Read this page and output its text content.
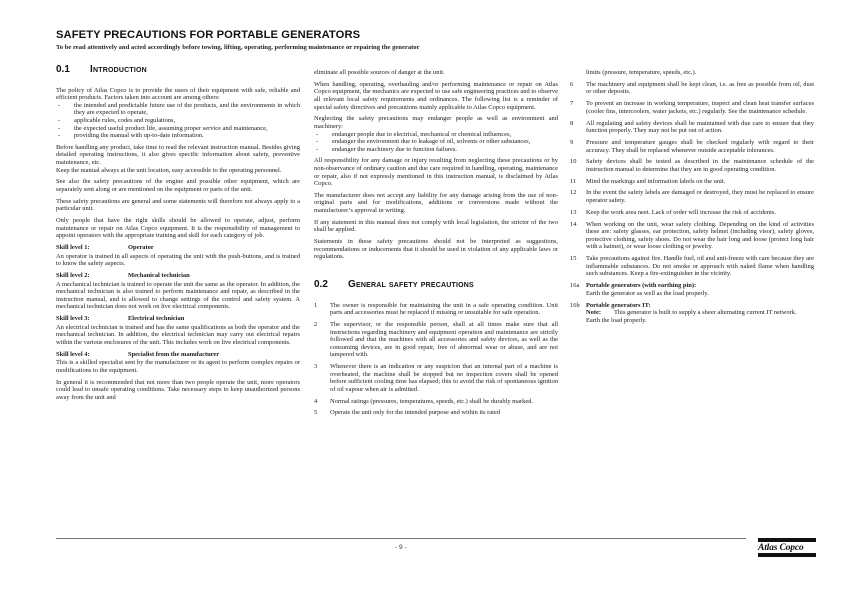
SAFETY PRECAUTIONS FOR PORTABLE GENERATORS
To be read attentively and acted accordingly before towing, lifting, operating, performing maintenance or repairing the generator
0.1	Introduction

The policy of Atlas Copco is to provide the users of their equipment with safe, reliable and efficient products. Factors taken into account are among others:

- the intended and predictable future use of the products, and the environments in which they are expected to operate,
- applicable rules, codes and regulations,
- the expected useful product life, assuming proper service and maintenance,
- providing the manual with up-to-date information.

Before handling any product, take time to read the relevant instruction manual. Besides giving detailed operating instructions, it also gives specific information about safety, preventive maintenance, etc.

Keep the manual always at the unit location, easy accessible to the operating personnel.

See also the safety precautions of the engine and possible other equipment, which are separately sent along or are mentioned on the equipment or parts of the unit.

These safety precautions are general and some statements will therefore not always apply to a particular unit.

Only people that have the right skills should be allowed to operate, adjust, perform maintenance or repair on Atlas Copco equipment. It is the responsibility of management to appoint operators with the appropriate training and skill for each category of job.

Skill level 1:	Operator

An operator is trained in all aspects of operating the unit with the push-buttons, and is trained to know the safety aspects.

Skill level 2:	Mechanical technician

A mechanical technician is trained to operate the unit the same as the operator. In addition, the mechanical technician is also trained to perform maintenance and repair, as described in the instruction manual, and is allowed to change settings of the control and safety system. A mechanical technician does not work on live electrical components.

Skill level 3:	Electrical technician

An electrical technician is trained and has the same qualifications as both the operator and the mechanical technician. In addition, the electrical technician may carry out electrical repairs within the various enclosures of the unit. This includes work on live electrical components.

Skill level 4:	Specialist from the manufacturer

This is a skilled specialist sent by the manufacturer or its agent to perform complex repairs or modifications to the equipment.

In general it is recommended that not more than two people operate the unit, more operators could lead to unsafe operating conditions. Take necessary steps to keep unauthorized persons away from the unit and

eliminate all possible sources of danger at the unit.

When handling, operating, overhauling and/or performing maintenance or repair on Atlas Copco equipment, the mechanics are expected to use safe engineering practices and to observe all relevant local safety requirements and ordinances. The following list is a reminder of special safety directives and precautions mainly applicable to Atlas Copco equipment.

Neglecting the safety precautions may endanger people as well as environment and machinery:

- endanger people due to electrical, mechanical or chemical influences,
- endanger the environment due to leakage of oil, solvents or other substances,
- endanger the machinery due to function failures.

All responsibility for any damage or injury resulting from neglecting these precautions or by non-observance of ordinary caution and due care required in handling, operating, maintenance or repair, also if not expressly mentioned in this instruction manual, is disclaimed by Atlas Copco.

The manufacturer does not accept any liability for any damage arising from the use of non-original parts and for modifications, additions or conversions made without the manufacturer’s approval in writing.

If any statement in this manual does not comply with local legislation, the stricter of the two shall be applied.

Statements in these safety precautions should not be interpreted as suggestions, recommendations or inducements that it should be used in violation of any applicable laws or regulations.

0.2	General safety precautions
1	The owner is responsible for maintaining the unit in a safe operating condition. Unit parts and accessories must be replaced if missing or unsuitable for safe operation.
2	The supervisor, or the responsible person, shall at all times make sure that all instructions regarding machinery and equipment operation and maintenance are strictly followed and that the machines with all accessories and safety devices, as well as the consuming devices, are in good repair, free of abnormal wear or abuse, and are not tampered with.
3	Whenever there is an indication or any suspicion that an internal part of a machine is overheated, the machine shall be stopped but no inspection covers shall be opened before sufficient cooling time has elapsed; this to avoid the risk of spontaneous ignition of oil vapour when air is admitted.
4	Normal ratings (pressures, temperatures, speeds, etc.) shall be durably marked.
5	Operate the unit only for the intended purpose and within its rated

limits (pressure, temperature, speeds, etc.).

6	The machinery and equipment shall be kept clean, i.e. as free as possible from oil, dust or other deposits.
7	To prevent an increase in working temperature, inspect and clean heat transfer surfaces (cooler fins, intercoolers, water jackets, etc.) regularly. See the maintenance schedule.
8	All regulating and safety devices shall be maintained with due care to ensure that they function properly. They may not be put out of action.
9	Pressure and temperature gauges shall be checked regularly with regard to their accuracy. They shall be replaced whenever outside acceptable tolerances.
10	Safety devices shall be tested as described in the maintenance schedule of the instruction manual to determine that they are in good operating condition.
11	Mind the markings and information labels on the unit.
12	In the event the safety labels are damaged or destroyed, they must be replaced to ensure operator safety.
13	Keep the work area neet. Lack of order will increase the risk of accidents.
14	When working on the unit, wear safety clothing. Depending on the kind of activities these are: safety glasses, ear protection, safety helmet (including visor), safety gloves, protective clothing, safety shoes. Do not wear the hair long and loose (protect long hair with a haimet), or wear loose clothing or jewelry.
15	Take precautions against fire. Handle fuel, oil and anti-freeze with care because they are inflammable substances. Do not smoke or approach with naked flame when handling such substances. Keep a fire-extinguisher in the vicinity.
16a	Portable generators (with earthing pin):
Earth the generator as well as the load properly.
16b Portable generators IT:
Note:	This generator is built to supply a sheer alternating current IT network.
Earth the load properly.
- 9 -	Atlas Copco
